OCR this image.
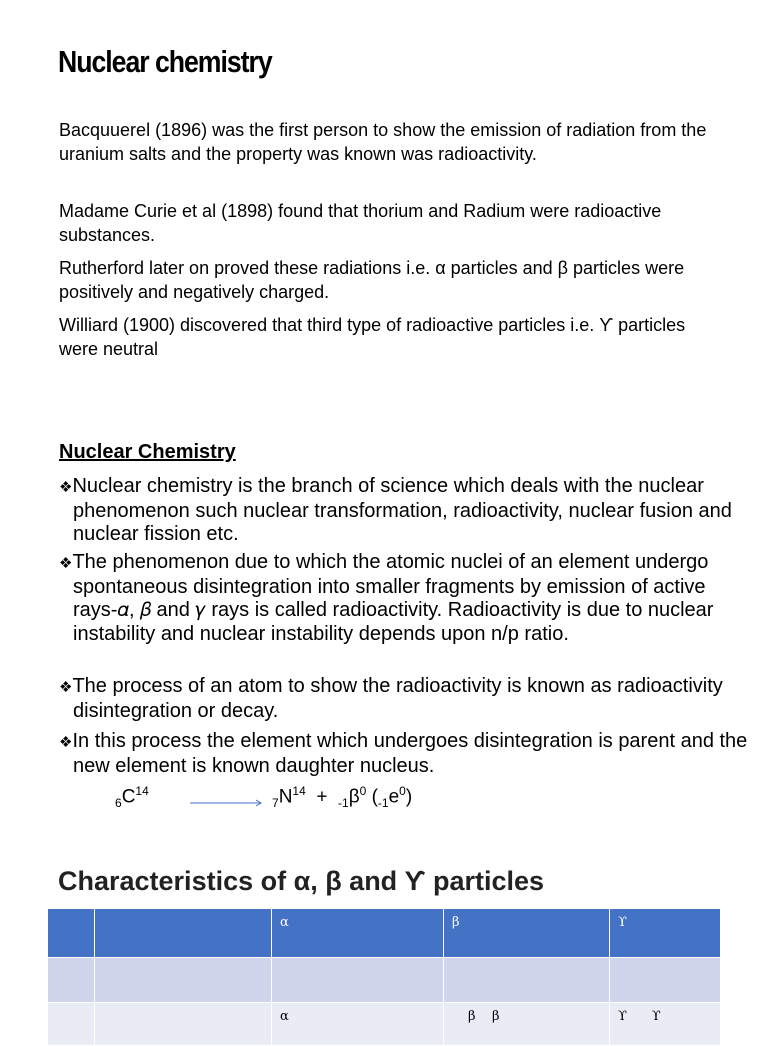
Nuclear chemistry

Bacquuerel (1896) was the first person to show the emission of radiation from the uranium salts and the property was known was radioactivity.

Madame Curie et al (1898) found that thorium and Radium were radioactive substances.

Rutherford later on proved these radiations i.e. α particles and β particles were positively and negatively charged.

Williard (1900) discovered that third type of radioactive particles i.e. ϒ particles were neutral

Nuclear Chemistry

❖Nuclear chemistry is the branch of science which deals with the nuclear phenomenon such nuclear transformation, radioactivity, nuclear fusion and nuclear fission etc.

❖The phenomenon due to which the atomic nuclei of an element undergo spontaneous disintegration into smaller fragments by emission of active rays-𝛼, 𝛽 and 𝛾 rays is called radioactivity. Radioactivity is due to nuclear instability and nuclear instability depends upon n/p ratio.

❖The process of an atom to show the radioactivity is known as radioactivity disintegration or decay.

❖In this process the element which undergoes disintegration is parent and the new element is known daughter nucleus.

$_6C^{14}$
$_7N^{14} + _{-1}\beta^0$ $(_{-1}e^0)$
Characteristics of α, β and ϒ particles
		α	β	ϒ

		α	β    β	ϒ      ϒ
